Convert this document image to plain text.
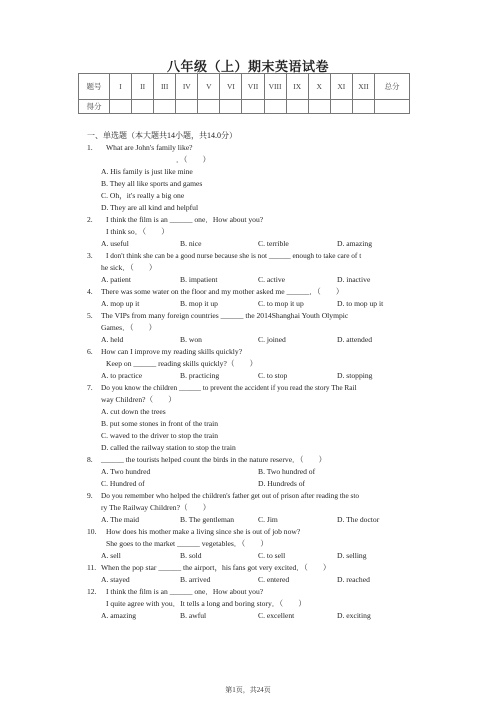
八年级（上）期末英语试卷
题号	I	II	III	IV	V	VI	VII	VIII	IX	X	XI	XII	总分
得分													
一、单选题（本大题共14小题，共14.0分）
1. What are John's family like?
．（　　）
A. His family is just like mine
B. They all like sports and games
C. Oh，it's really a big one
D. They are all kind and helpful
2. I think the film is an ______ one．How about you?
I think so．（　　）
A. useful	B. nice	C. terrible	D. amazing
3. I don't think she can be a good nurse because she is not ______ enough to take care of t
he sick．（　　）
A. patient	B. impatient	C. active	D. inactive
4. There was some water on the floor and my mother asked me ______．（　　）
A. mop up it	B. mop it up	C. to mop it up	D. to mop up it
5. The VIPs from many foreign countries ______ the 2014Shanghai Youth Olympic
Games．（　　）
A. held	B. won	C. joined	D. attended
6. How can I improve my reading skills quickly?
Keep on ______ reading skills quickly?（　　）
A. to practice	B. practicing	C. to stop	D. stopping
7. Do you know the children ______ to prevent the accident if you read the story The Rail
way Children?（　　）
A. cut down the trees
B. put some stones in front of the train
C. waved to the driver to stop the train
D. called the railway station to stop the train
8. ______ the tourists helped count the birds in the nature reserve．（　　）
A. Two hundred	B. Two hundred of
C. Hundred of	D. Hundreds of
9. Do you remember who helped the children's father get out of prison after reading the sto
ry The Railway Children?（　　）
A. The maid	B. The gentleman	C. Jim	D. The doctor
10. How does his mother make a living since she is out of job now?
She goes to the market ______ vegetables．（　　）
A. sell	B. sold	C. to sell	D. selling
11. When the pop star ______ the airport，his fans got very excited．（　　）
A. stayed	B. arrived	C. entered	D. reached
12. I think the film is an ______ one．How about you?
I quite agree with you．It tells a long and boring story．（　　）
A. amazing	B. awful	C. excellent	D. exciting
第1页，共24页
